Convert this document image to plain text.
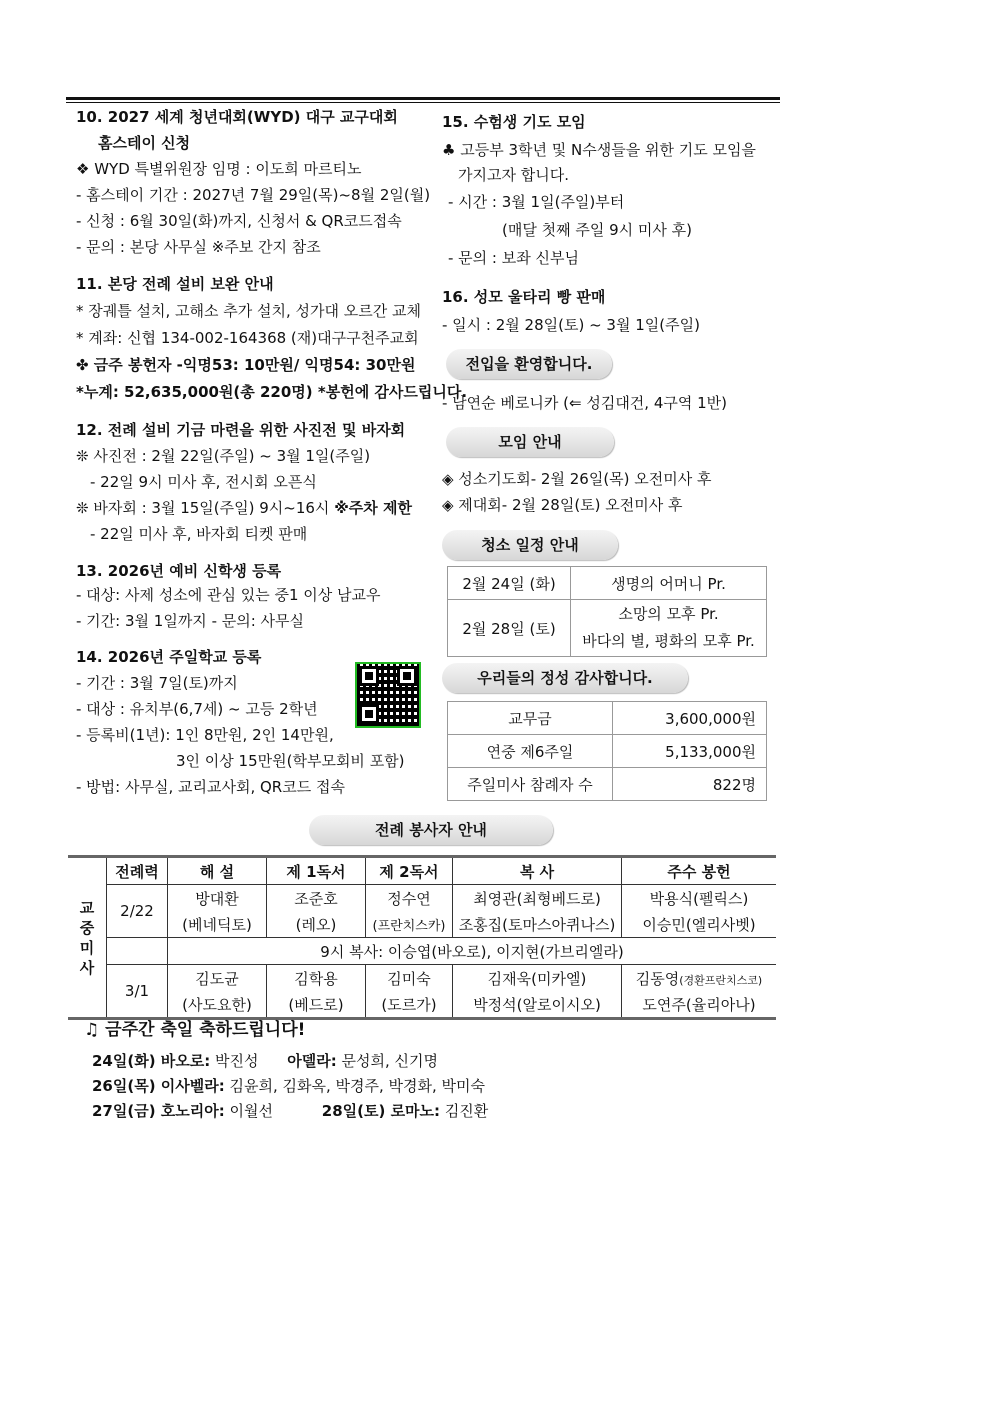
10. 2027 세계 청년대회(WYD) 대구 교구대회
홈스테이 신청
❖ WYD 특별위원장 임명 : 이도희 마르티노
- 홈스테이 기간 : 2027년 7월 29일(목)~8월 2일(월)
- 신청 : 6월 30일(화)까지, 신청서 & QR코드접속
- 문의 : 본당 사무실 ※주보 간지 참조
11. 본당 전례 설비 보완 안내
* 장궤틀 설치, 고해소 추가 설치, 성가대 오르간 교체
* 계좌: 신협 134-002-164368 (재)대구구천주교회
✤ 금주 봉헌자 -익명53: 10만원/ 익명54: 30만원
*누계: 52,635,000원(총 220명) *봉헌에 감사드립니다.
12. 전례 설비 기금 마련을 위한 사진전 및 바자회
❊ 사진전 : 2월 22일(주일) ~ 3월 1일(주일)
- 22일 9시 미사 후, 전시회 오픈식
❊ 바자회 : 3월 15일(주일) 9시~16시 ※주차 제한
- 22일 미사 후, 바자회 티켓 판매
13. 2026년 예비 신학생 등록
- 대상: 사제 성소에 관심 있는 중1 이상 남교우
- 기간: 3월 1일까지 - 문의: 사무실
14. 2026년 주일학교 등록
- 기간 : 3월 7일(토)까지
- 대상 : 유치부(6,7세) ~ 고등 2학년
- 등록비(1년): 1인 8만원, 2인 14만원,
3인 이상 15만원(학부모회비 포함)
- 방법: 사무실, 교리교사회, QR코드 접속
15. 수험생 기도 모임
♣ 고등부 3학년 및 N수생들을 위한 기도 모임을
가지고자 합니다.
- 시간 : 3월 1일(주일)부터
(매달 첫째 주일 9시 미사 후)
- 문의 : 보좌 신부님
16. 성모 울타리 빵 판매
- 일시 : 2월 28일(토) ~ 3월 1일(주일)
전입을 환영합니다.
- 남연순 베로니카 (⇐ 성김대건, 4구역 1반)
모임 안내
◈ 성소기도회- 2월 26일(목) 오전미사 후
◈ 제대회- 2월 28일(토) 오전미사 후
청소 일정 안내
2월 24일 (화)	생명의 어머니 Pr.
2월 28일 (토)	소망의 모후 Pr.
바다의 별, 평화의 모후 Pr.
우리들의 정성 감사합니다.
교무금	3,600,000원
연중 제6주일	5,133,000원
주일미사 참례자 수	822명
전례 봉사자 안내
교중미사	전례력	해 설	제 1독서	제 2독서	복 사	주수 봉헌
	2/22	방대환	조준호	정수연	최영관(최형베드로)	박용식(펠릭스)
		(베네딕토)	(레오)	(프란치스카)	조홍집(토마스아퀴나스)	이승민(엘리사벳)
		9시 복사: 이승엽(바오로), 이지현(가브리엘라)				
	3/1	김도균	김학용	김미숙	김재욱(미카엘)	김동영(경환프란치스코)
		(사도요한)	(베드로)	(도르가)	박정석(알로이시오)	도연주(율리아나)
♫ 금주간 축일 축하드립니다!
24일(화) 바오로: 박진성 아델라: 문성희, 신기명
26일(목) 이사벨라: 김윤희, 김화옥, 박경주, 박경화, 박미숙
27일(금) 호노리아: 이월선	28일(토) 로마노: 김진환
